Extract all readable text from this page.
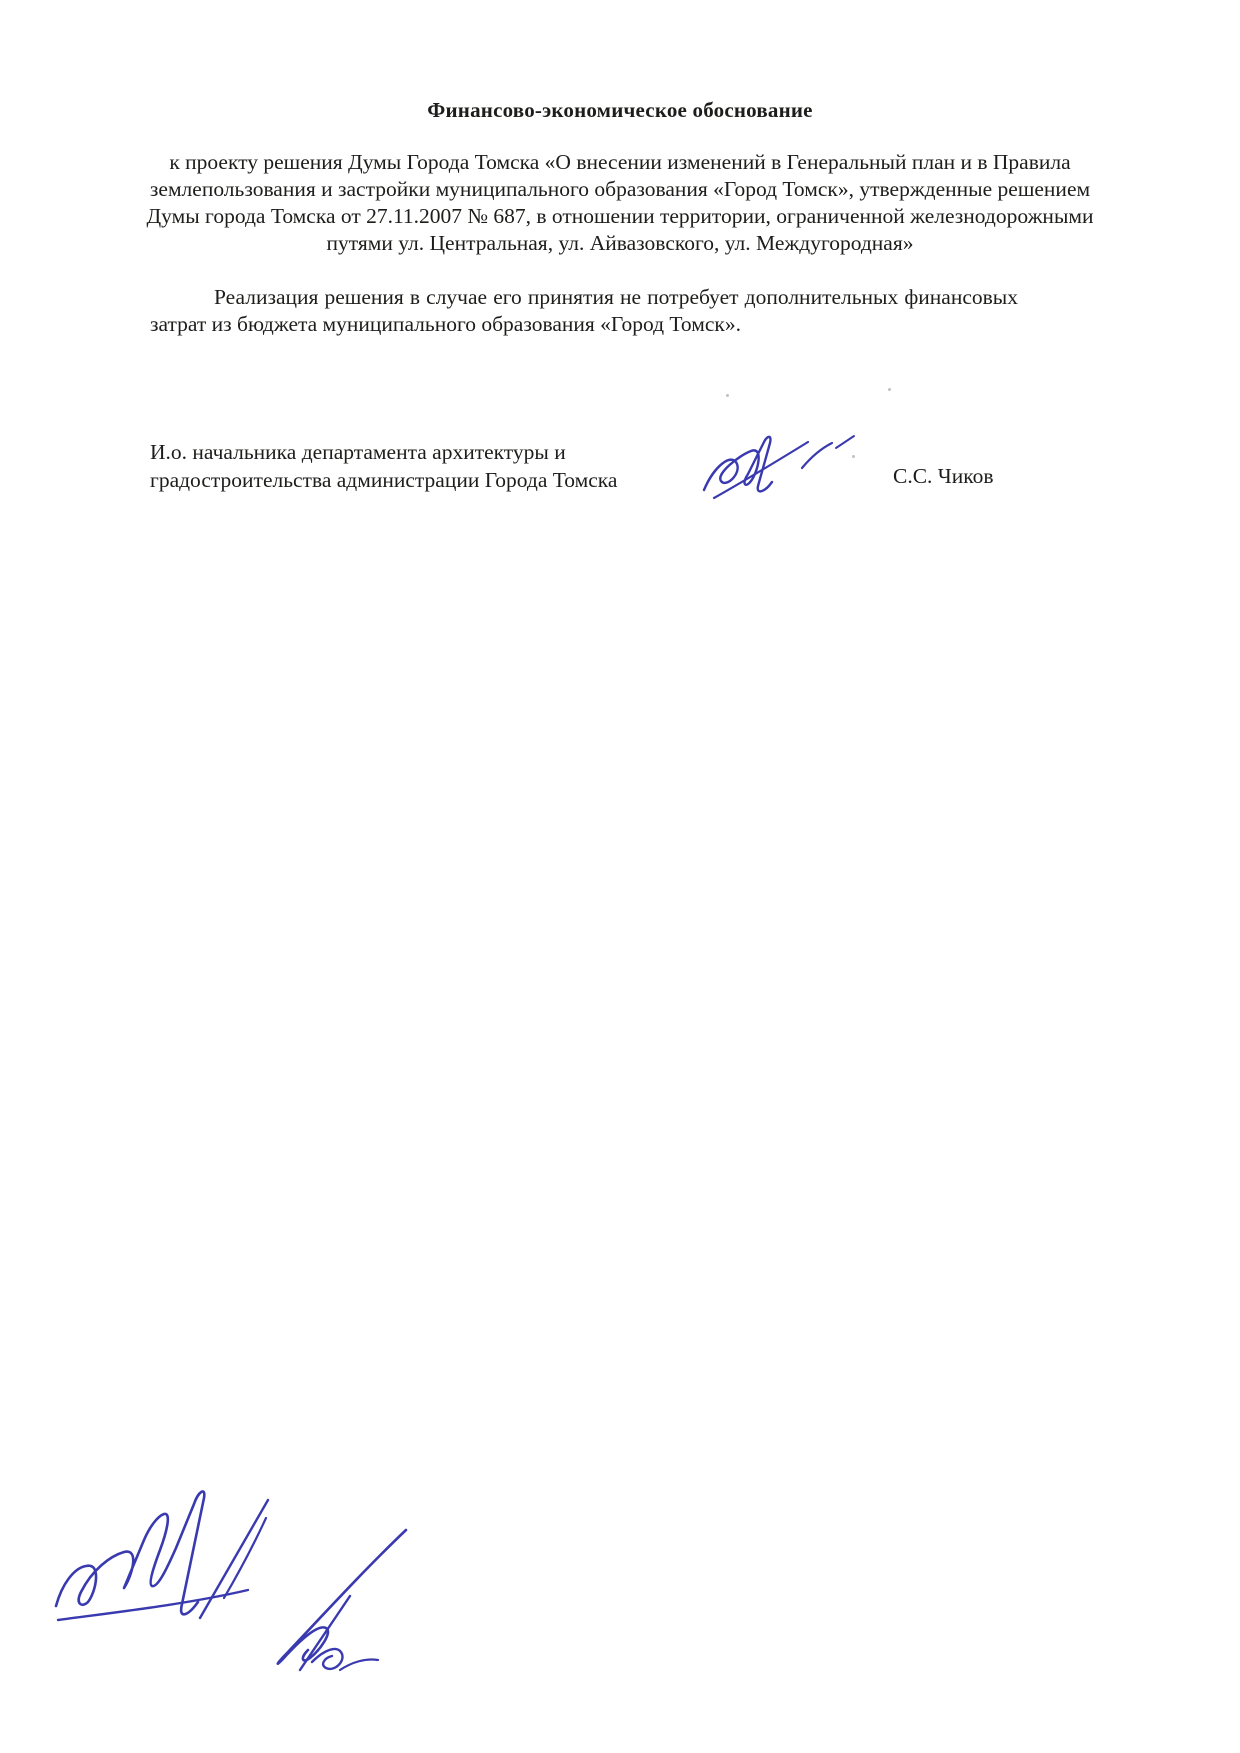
Финансово-экономическое обоснование
к проекту решения Думы Города Томска «О внесении изменений в Генеральный план и в Правила землепользования и застройки муниципального образования «Город Томск», утвержденные решением Думы города Томска от 27.11.2007 № 687, в отношении территории, ограниченной железнодорожными путями ул. Центральная, ул. Айвазовского, ул. Междугородная»
Реализация решения в случае его принятия не потребует дополнительных финансовых затрат из бюджета муниципального образования «Город Томск».
И.о. начальника департамента архитектуры и
градостроительства администрации Города Томска	С.С. Чиков
